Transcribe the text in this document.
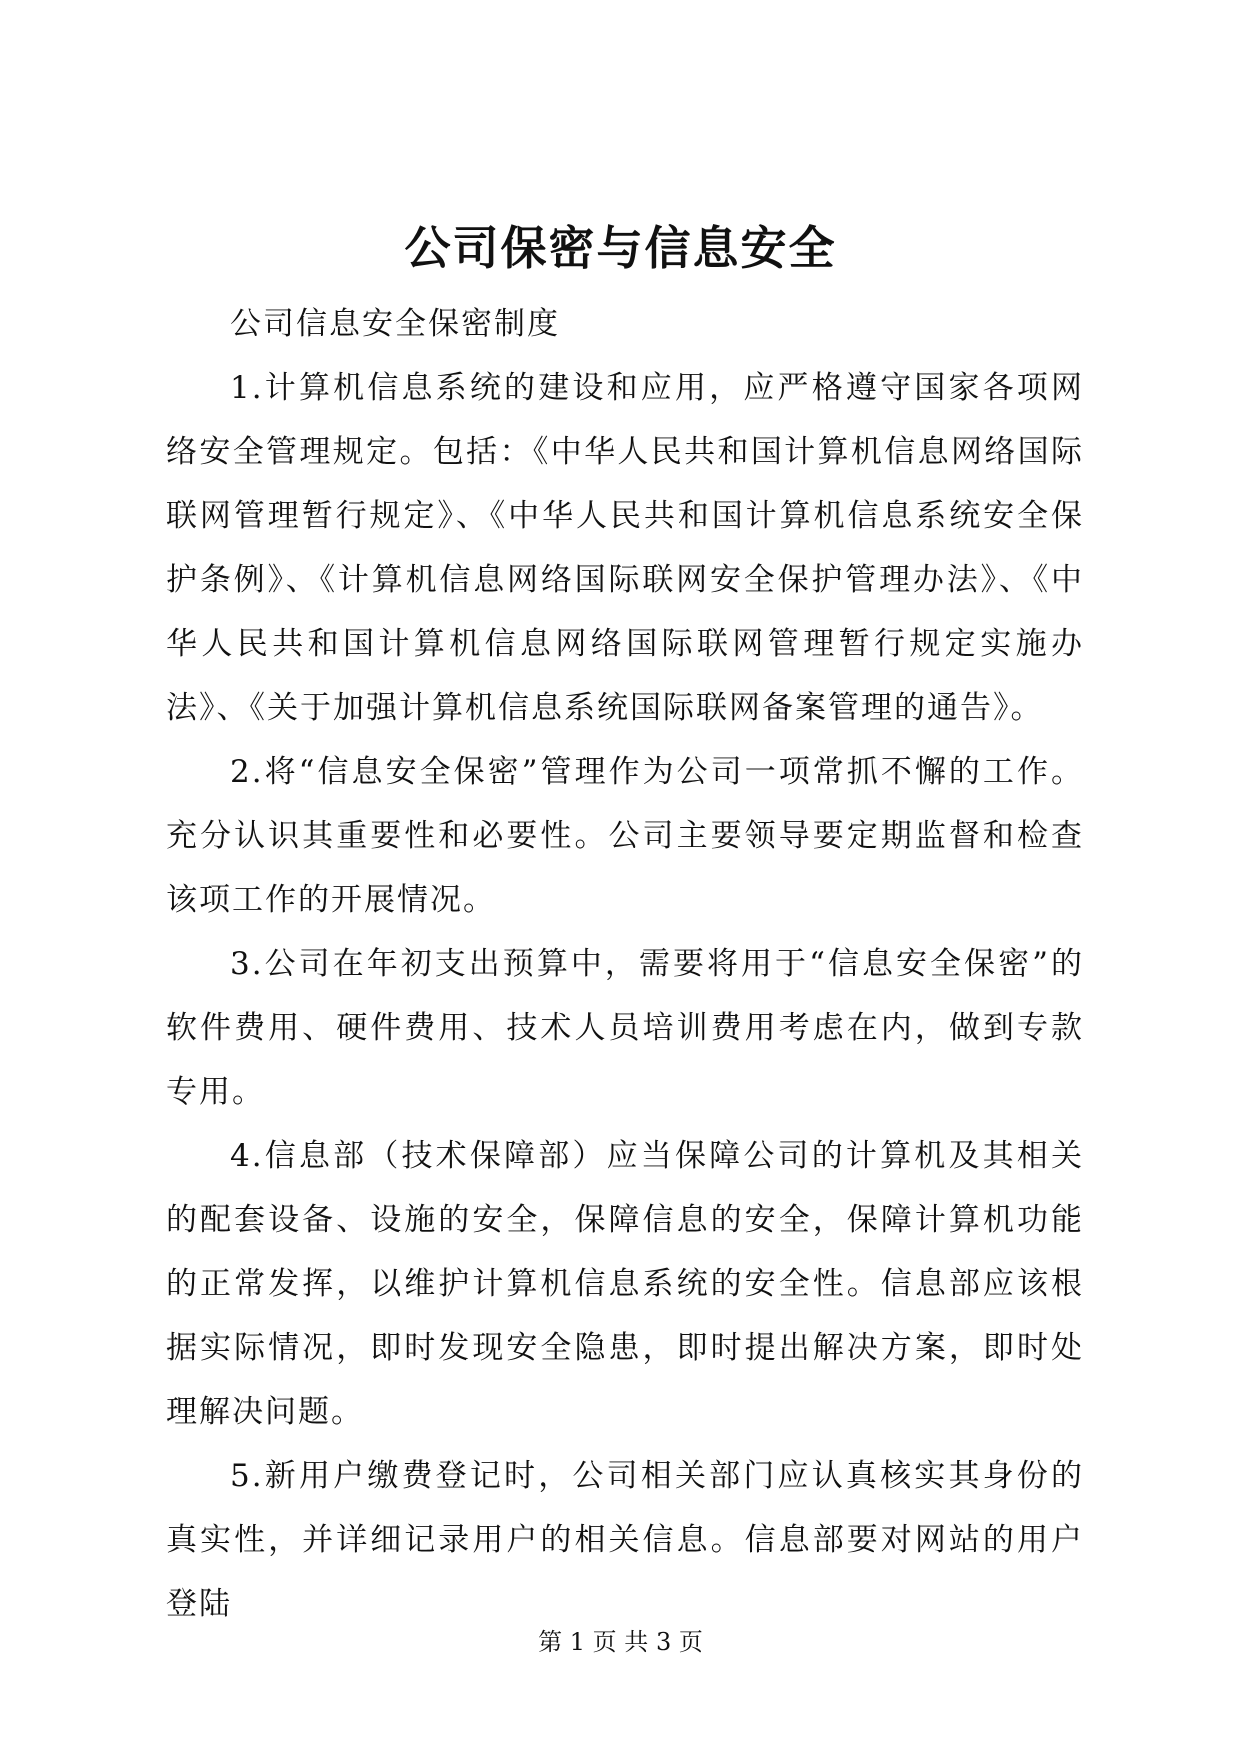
公司保密与信息安全

公司信息安全保密制度

1.计算机信息系统的建设和应用，应严格遵守国家各项网络安全管理规定。包括：《中华人民共和国计算机信息网络国际联网管理暂行规定》、《中华人民共和国计算机信息系统安全保护条例》、《计算机信息网络国际联网安全保护管理办法》、《中华人民共和国计算机信息网络国际联网管理暂行规定实施办法》、《关于加强计算机信息系统国际联网备案管理的通告》。

2.将“信息安全保密”管理作为公司一项常抓不懈的工作。充分认识其重要性和必要性。公司主要领导要定期监督和检查该项工作的开展情况。

3.公司在年初支出预算中，需要将用于“信息安全保密”的软件费用、硬件费用、技术人员培训费用考虑在内，做到专款专用。

4.信息部（技术保障部）应当保障公司的计算机及其相关的配套设备、设施的安全，保障信息的安全，保障计算机功能的正常发挥，以维护计算机信息系统的安全性。信息部应该根据实际情况，即时发现安全隐患，即时提出解决方案，即时处理解决问题。

5.新用户缴费登记时，公司相关部门应认真核实其身份的真实性，并详细记录用户的相关信息。信息部要对网站的用户登陆

第 1 页 共 3 页
